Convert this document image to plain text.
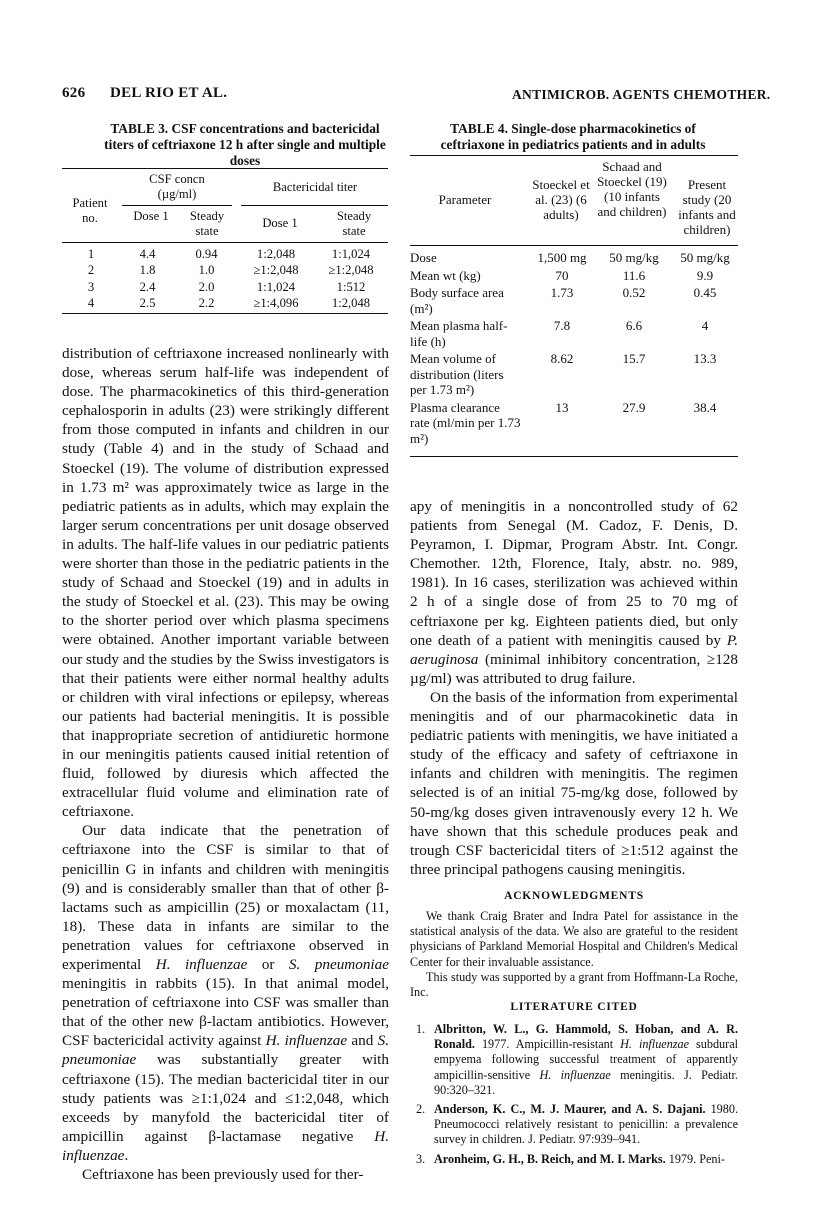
626 DEL RIO ET AL.	ANTIMICROB. AGENTS CHEMOTHER.
TABLE 3. CSF concentrations and bactericidal titers of ceftriaxone 12 h after single and multiple doses
Patient no.
CSF concn (µg/ml)	Bactericidal titer
Dose 1	Steady state
Dose 1	Steady state
1	4.4	0.94	1:2,048	1:1,024
2	1.8	1.0	≥1:2,048	≥1:2,048
3	2.4	2.0	1:1,024	1:512
4	2.5	2.2	≥1:4,096	1:2,048

distribution of ceftriaxone increased nonlinearly with dose, whereas serum half-life was independent of dose. The pharmacokinetics of this third-generation cephalosporin in adults (23) were strikingly different from those computed in infants and children in our study (Table 4) and in the study of Schaad and Stoeckel (19). The volume of distribution expressed in 1.73 m² was approximately twice as large in the pediatric patients as in adults, which may explain the larger serum concentrations per unit dosage observed in adults. The half-life values in our pediatric patients were shorter than those in the pediatric patients in the study of Schaad and Stoeckel (19) and in adults in the study of Stoeckel et al. (23). This may be owing to the shorter period over which plasma specimens were obtained. Another important variable between our study and the studies by the Swiss investigators is that their patients were either normal healthy adults or children with viral infections or epilepsy, whereas our patients had bacterial meningitis. It is possible that inappropriate secretion of antidiuretic hormone in our meningitis patients caused initial retention of fluid, followed by diuresis which affected the extracellular fluid volume and elimination rate of ceftriaxone.

Our data indicate that the penetration of ceftriaxone into the CSF is similar to that of penicillin G in infants and children with meningitis (9) and is considerably smaller than that of other β-lactams such as ampicillin (25) or moxalactam (11, 18). These data in infants are similar to the penetration values for ceftriaxone observed in experimental H. influenzae or S. pneumoniae meningitis in rabbits (15). In that animal model, penetration of ceftriaxone into CSF was smaller than that of the other new β-lactam antibiotics. However, CSF bactericidal activity against H. influenzae and S. pneumoniae was substantially greater with ceftriaxone (15). The median bactericidal titer in our study patients was ≥1:1,024 and ≤1:2,048, which exceeds by manyfold the bactericidal titer of ampicillin against β-lactamase negative H. influenzae.

Ceftriaxone has been previously used for ther-

TABLE 4. Single-dose pharmacokinetics of ceftriaxone in pediatrics patients and in adults
Parameter
Stoeckel et al. (23) (6 adults)
Schaad and Stoeckel (19) (10 infants and children)
Present study (20 infants and children)
Dose	1,500 mg	50 mg/kg	50 mg/kg
Mean wt (kg)	70	11.6	9.9
Body surface area (m²)	1.73	0.52	0.45
Mean plasma half-life (h)	7.8	6.6	4
Mean volume of distribution (liters per 1.73 m²)	8.62	15.7	13.3
Plasma clearance rate (ml/min per 1.73 m²)	13	27.9	38.4

apy of meningitis in a noncontrolled study of 62 patients from Senegal (M. Cadoz, F. Denis, D. Peyramon, I. Dipmar, Program Abstr. Int. Congr. Chemother. 12th, Florence, Italy, abstr. no. 989, 1981). In 16 cases, sterilization was achieved within 2 h of a single dose of from 25 to 70 mg of ceftriaxone per kg. Eighteen patients died, but only one death of a patient with meningitis caused by P. aeruginosa (minimal inhibitory concentration, ≥128 µg/ml) was attributed to drug failure.

On the basis of the information from experimental meningitis and of our pharmacokinetic data in pediatric patients with meningitis, we have initiated a study of the efficacy and safety of ceftriaxone in infants and children with meningitis. The regimen selected is of an initial 75-mg/kg dose, followed by 50-mg/kg doses given intravenously every 12 h. We have shown that this schedule produces peak and trough CSF bactericidal titers of ≥1:512 against the three principal pathogens causing meningitis.

ACKNOWLEDGMENTS

We thank Craig Brater and Indra Patel for assistance in the statistical analysis of the data. We also are grateful to the resident physicians of Parkland Memorial Hospital and Children's Medical Center for their invaluable assistance.

This study was supported by a grant from Hoffmann-La Roche, Inc.

LITERATURE CITED
1. Albritton, W. L., G. Hammold, S. Hoban, and A. R. Ronald. 1977. Ampicillin-resistant H. influenzae subdural empyema following successful treatment of apparently ampicillin-sensitive H. influenzae meningitis. J. Pediatr. 90:320–321.
2. Anderson, K. C., M. J. Maurer, and A. S. Dajani. 1980. Pneumococci relatively resistant to penicillin: a prevalence survey in children. J. Pediatr. 97:939–941.
3. Aronheim, G. H., B. Reich, and M. I. Marks. 1979. Peni-
